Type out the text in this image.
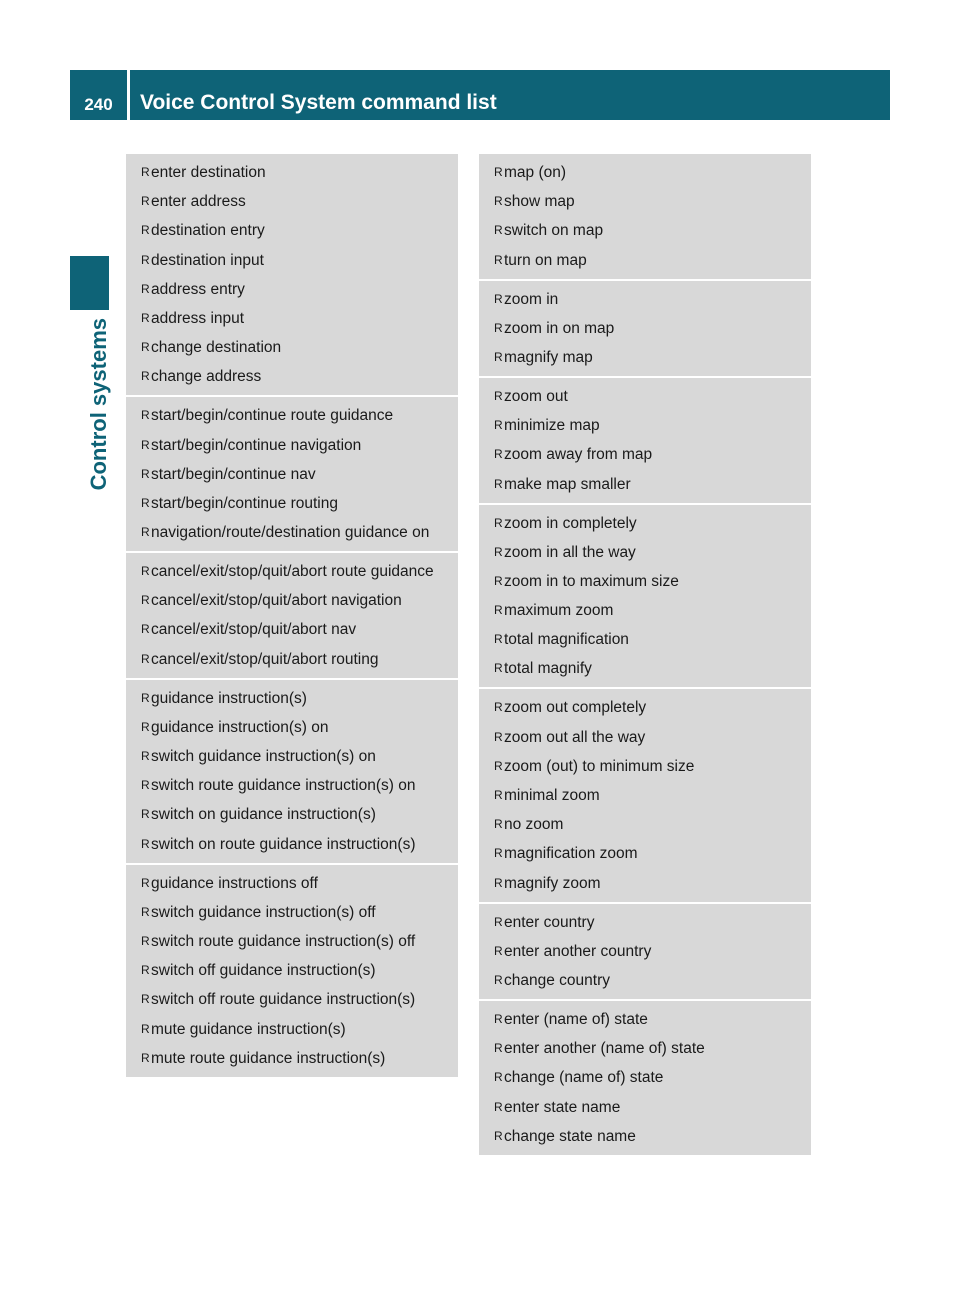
240	Voice Control System command list
Control systems
R enter destination
R enter address
R destination entry
R destination input
R address entry
R address input
R change destination
R change address
R start/begin/continue route guidance
R start/begin/continue navigation
R start/begin/continue nav
R start/begin/continue routing
R navigation/route/destination guidance on
R cancel/exit/stop/quit/abort route guidance
R cancel/exit/stop/quit/abort navigation
R cancel/exit/stop/quit/abort nav
R cancel/exit/stop/quit/abort routing
R guidance instruction(s)
R guidance instruction(s) on
R switch guidance instruction(s) on
R switch route guidance instruction(s) on
R switch on guidance instruction(s)
R switch on route guidance instruction(s)
R guidance instructions off
R switch guidance instruction(s) off
R switch route guidance instruction(s) off
R switch off guidance instruction(s)
R switch off route guidance instruction(s)
R mute guidance instruction(s)
R mute route guidance instruction(s)
R map (on)
R show map
R switch on map
R turn on map
R zoom in
R zoom in on map
R magnify map
R zoom out
R minimize map
R zoom away from map
R make map smaller
R zoom in completely
R zoom in all the way
R zoom in to maximum size
R maximum zoom
R total magnification
R total magnify
R zoom out completely
R zoom out all the way
R zoom (out) to minimum size
R minimal zoom
R no zoom
R magnification zoom
R magnify zoom
R enter country
R enter another country
R change country
R enter (name of) state
R enter another (name of) state
R change (name of) state
R enter state name
R change state name
